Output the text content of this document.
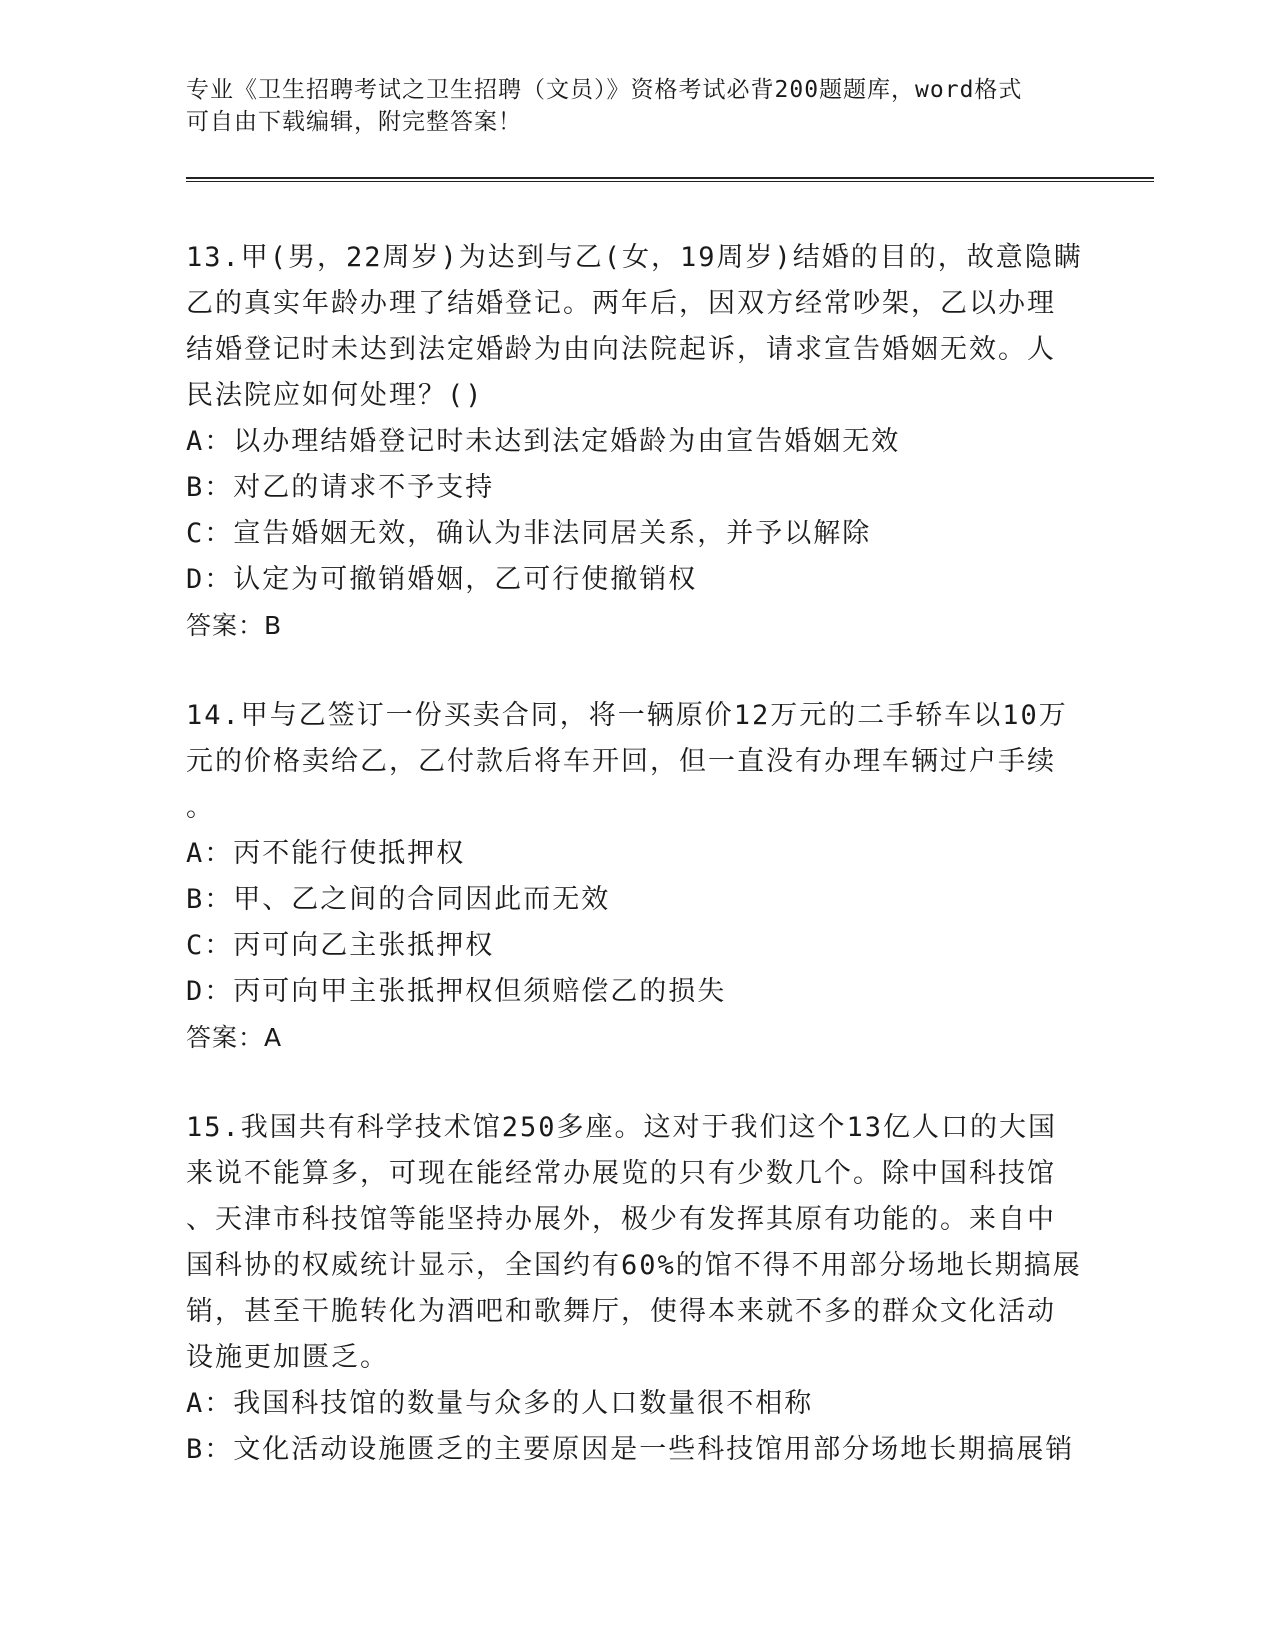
专业《卫生招聘考试之卫生招聘（文员）》资格考试必背200题题库，word格式
可自由下载编辑，附完整答案！
13.甲(男，22周岁)为达到与乙(女，19周岁)结婚的目的，故意隐瞒
乙的真实年龄办理了结婚登记。两年后，因双方经常吵架，乙以办理
结婚登记时未达到法定婚龄为由向法院起诉，请求宣告婚姻无效。人
民法院应如何处理？()
A：以办理结婚登记时未达到法定婚龄为由宣告婚姻无效
B：对乙的请求不予支持
C：宣告婚姻无效，确认为非法同居关系，并予以解除
D：认定为可撤销婚姻，乙可行使撤销权
答案：B
14.甲与乙签订一份买卖合同，将一辆原价12万元的二手轿车以10万
元的价格卖给乙，乙付款后将车开回，但一直没有办理车辆过户手续
。
A：丙不能行使抵押权
B：甲、乙之间的合同因此而无效
C：丙可向乙主张抵押权
D：丙可向甲主张抵押权但须赔偿乙的损失
答案：A
15.我国共有科学技术馆250多座。这对于我们这个13亿人口的大国
来说不能算多，可现在能经常办展览的只有少数几个。除中国科技馆
、天津市科技馆等能坚持办展外，极少有发挥其原有功能的。来自中
国科协的权威统计显示，全国约有60%的馆不得不用部分场地长期搞展
销，甚至干脆转化为酒吧和歌舞厅，使得本来就不多的群众文化活动
设施更加匮乏。
A：我国科技馆的数量与众多的人口数量很不相称
B：文化活动设施匮乏的主要原因是一些科技馆用部分场地长期搞展销
